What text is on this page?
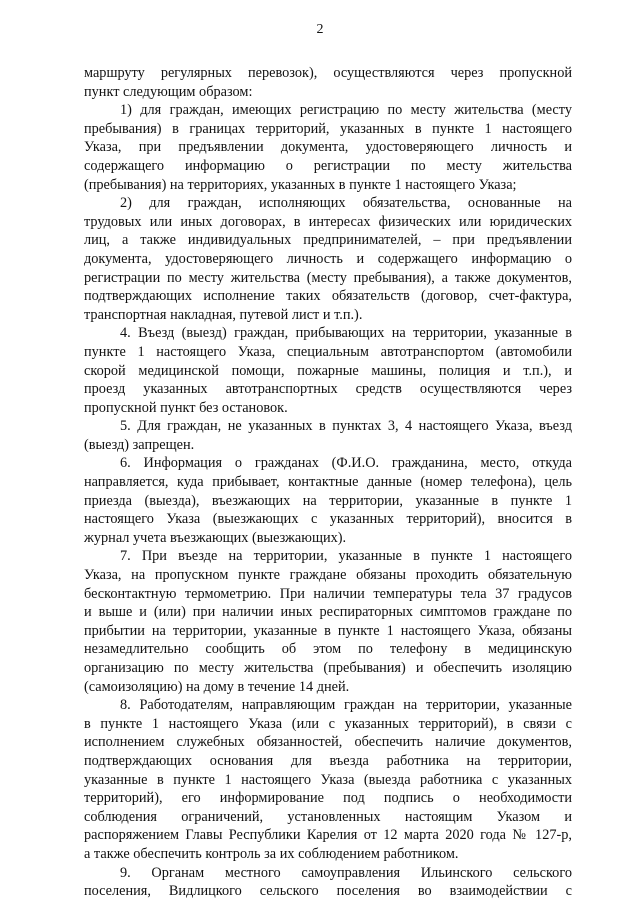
2
маршруту регулярных перевозок), осуществляются через пропускной
пункт следующим образом:
1) для граждан, имеющих регистрацию по месту жительства (месту
пребывания) в границах территорий, указанных в пункте 1 настоящего
Указа, при предъявлении документа, удостоверяющего личность и
содержащего информацию о регистрации по месту жительства
(пребывания) на территориях, указанных в пункте 1 настоящего Указа;
2) для граждан, исполняющих обязательства, основанные на
трудовых или иных договорах, в интересах физических или юридических
лиц, а также индивидуальных предпринимателей, – при предъявлении
документа, удостоверяющего личность и содержащего информацию о
регистрации по месту жительства (месту пребывания), а также документов,
подтверждающих исполнение таких обязательств (договор, счет-фактура,
транспортная накладная, путевой лист и т.п.).
4. Въезд (выезд) граждан, прибывающих на территории, указанные в
пункте 1 настоящего Указа, специальным автотранспортом (автомобили
скорой медицинской помощи, пожарные машины, полиция и т.п.), и
проезд указанных автотранспортных средств осуществляются через
пропускной пункт без остановок.
5. Для граждан, не указанных в пунктах 3, 4 настоящего Указа, въезд
(выезд) запрещен.
6. Информация о гражданах (Ф.И.О. гражданина, место, откуда
направляется, куда прибывает, контактные данные (номер телефона), цель
приезда (выезда), въезжающих на территории, указанные в пункте 1
настоящего Указа (выезжающих с указанных территорий), вносится в
журнал учета въезжающих (выезжающих).
7. При въезде на территории, указанные в пункте 1 настоящего
Указа, на пропускном пункте граждане обязаны проходить обязательную
бесконтактную термометрию. При наличии температуры тела 37 градусов
и выше и (или) при наличии иных респираторных симптомов граждане по
прибытии на территории, указанные в пункте 1 настоящего Указа, обязаны
незамедлительно сообщить об этом по телефону в медицинскую
организацию по месту жительства (пребывания) и обеспечить изоляцию
(самоизоляцию) на дому в течение 14 дней.
8. Работодателям, направляющим граждан на территории, указанные
в пункте 1 настоящего Указа (или с указанных территорий), в связи с
исполнением служебных обязанностей, обеспечить наличие документов,
подтверждающих основания для въезда работника на территории,
указанные в пункте 1 настоящего Указа (выезда работника с указанных
территорий), его информирование под подпись о необходимости
соблюдения ограничений, установленных настоящим Указом и
распоряжением Главы Республики Карелия от 12 марта 2020 года № 127-р,
а также обеспечить контроль за их соблюдением работником.
9. Органам местного самоуправления Ильинского сельского
поселения, Видлицкого сельского поселения во взаимодействии с
